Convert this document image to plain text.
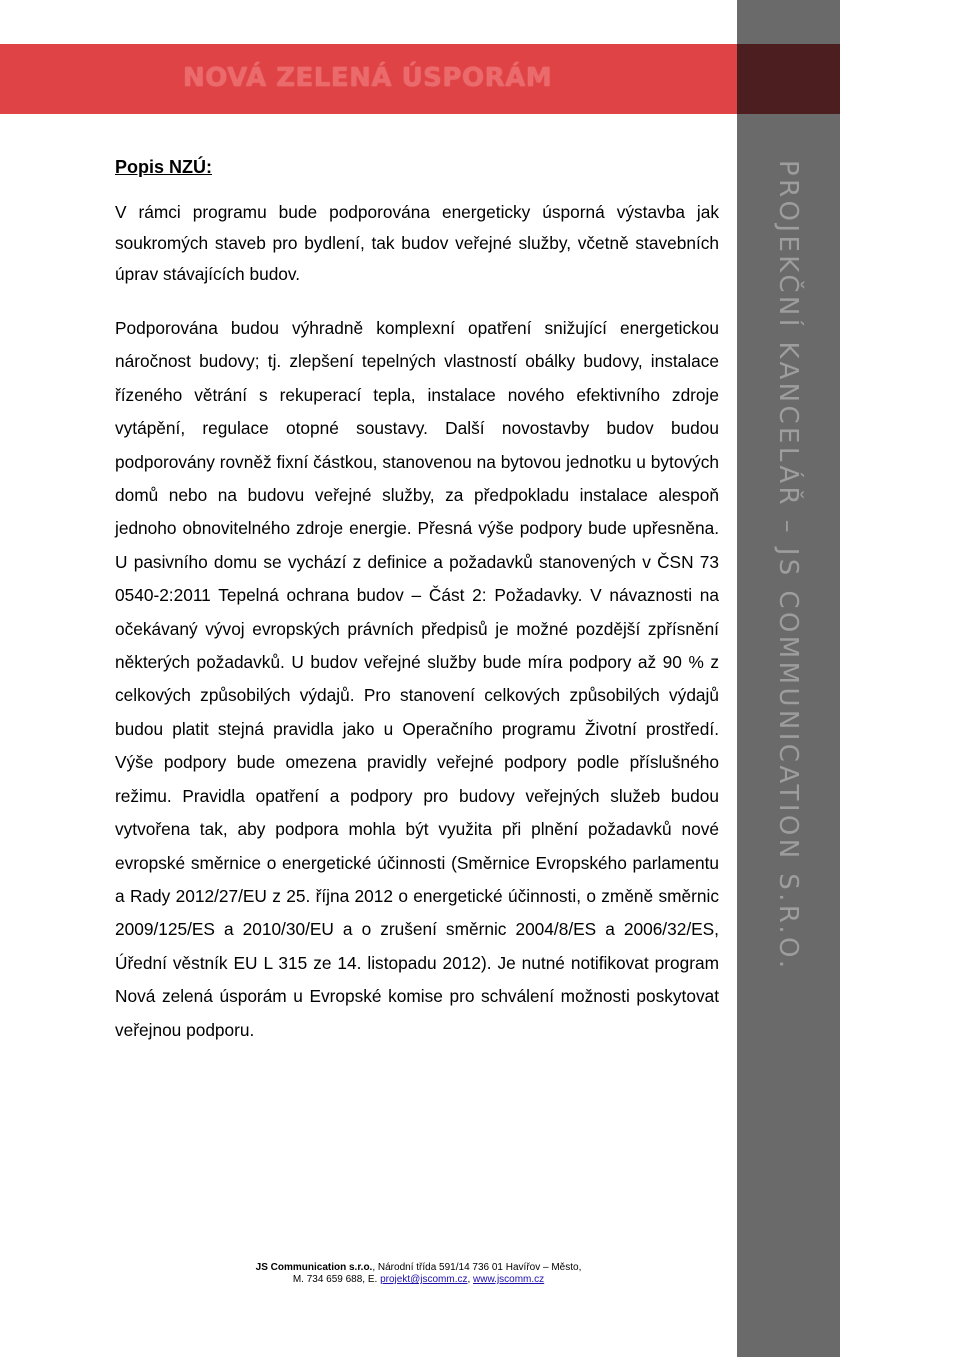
PROJEKČNÍ KANCELÁŘ – JS COMMUNICATION S.R.O.
NOVÁ ZELENÁ ÚSPORÁM
Popis NZÚ:

V rámci programu bude podporována energeticky úsporná výstavba jak soukromých staveb pro bydlení, tak budov veřejné služby, včetně stavebních úprav stávajících budov.

Podporována budou výhradně komplexní opatření snižující energetickou náročnost budovy; tj. zlepšení tepelných vlastností obálky budovy, instalace řízeného větrání s rekuperací tepla, instalace nového efektivního zdroje vytápění, regulace otopné soustavy. Další novostavby budov budou podporovány rovněž fixní částkou, stanovenou na bytovou jednotku u bytových domů nebo na budovu veřejné služby, za předpokladu instalace alespoň jednoho obnovitelného zdroje energie. Přesná výše podpory bude upřesněna. U pasivního domu se vychází z definice a požadavků stanovených v ČSN 73 0540-2:2011 Tepelná ochrana budov – Část 2: Požadavky. V návaznosti na očekávaný vývoj evropských právních předpisů je možné pozdější zpřísnění některých požadavků. U budov veřejné služby bude míra podpory až 90 % z celkových způsobilých výdajů. Pro stanovení celkových způsobilých výdajů budou platit stejná pravidla jako u Operačního programu Životní prostředí. Výše podpory bude omezena pravidly veřejné podpory podle příslušného režimu. Pravidla opatření a podpory pro budovy veřejných služeb budou vytvořena tak, aby podpora mohla být využita při plnění požadavků nové evropské směrnice o energetické účinnosti (Směrnice Evropského parlamentu a Rady 2012/27/EU z 25. října 2012 o energetické účinnosti, o změně směrnic 2009/125/ES a 2010/30/EU a o zrušení směrnic 2004/8/ES a 2006/32/ES, Úřední věstník EU L 315 ze 14. listopadu 2012). Je nutné notifikovat program Nová zelená úsporám u Evropské komise pro schválení možnosti poskytovat veřejnou podporu.

JS Communication s.r.o., Národní třída 591/14 736 01 Havířov – Město,
M. 734 659 688, E. projekt@jscomm.cz, www.jscomm.cz
